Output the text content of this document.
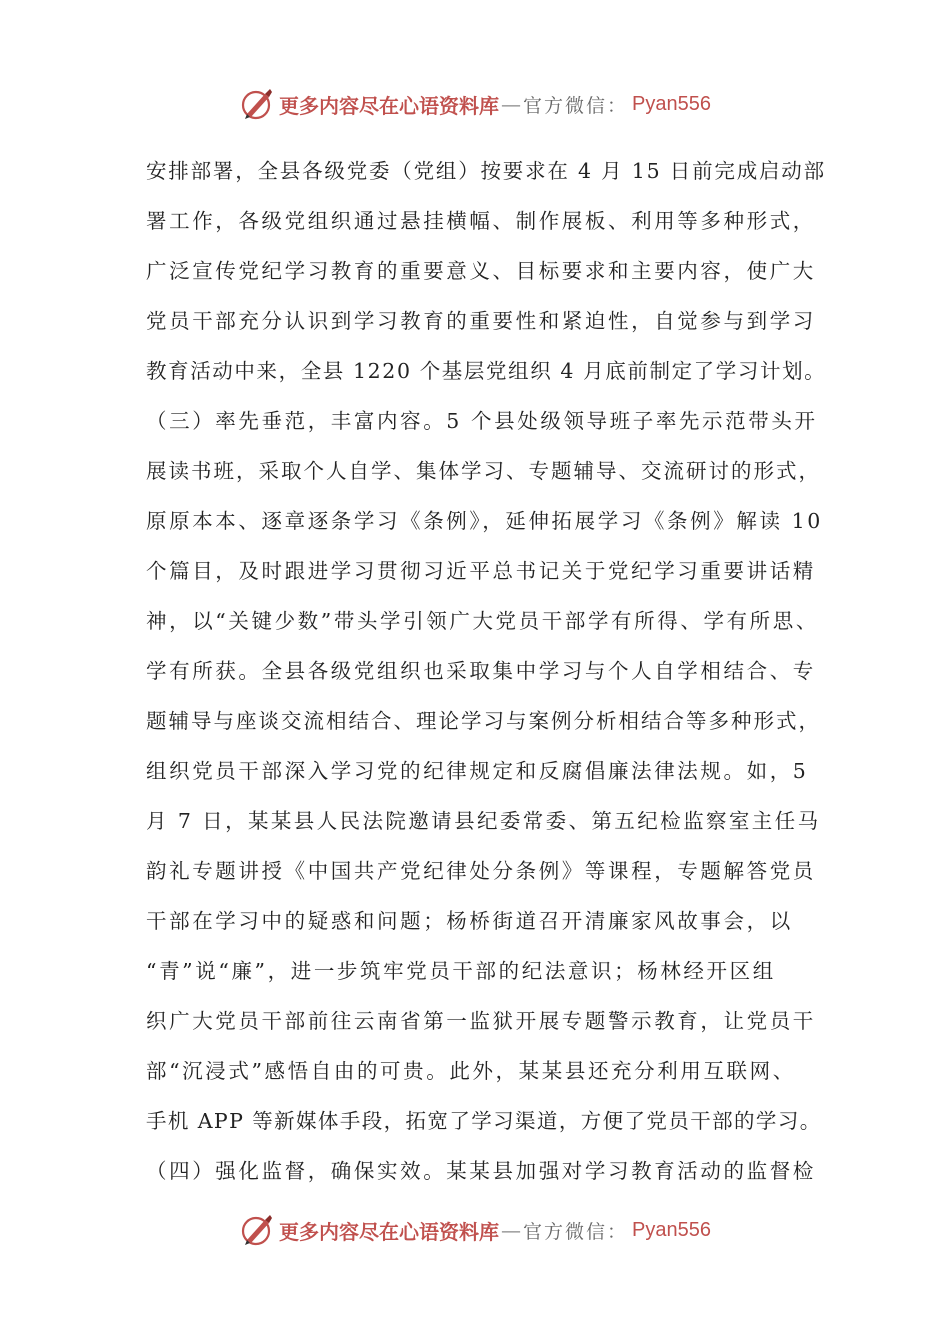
更多内容尽在心语资料库 — 官方微信： Pyan556
安排部署，全县各级党委（党组）按要求在 4 月 15 日前完成启动部
署工作，各级党组织通过悬挂横幅、制作展板、利用等多种形式，
广泛宣传党纪学习教育的重要意义、目标要求和主要内容，使广大
党员干部充分认识到学习教育的重要性和紧迫性，自觉参与到学习
教育活动中来，全县 1220 个基层党组织 4 月底前制定了学习计划。
（三）率先垂范，丰富内容。5 个县处级领导班子率先示范带头开
展读书班，采取个人自学、集体学习、专题辅导、交流研讨的形式，
原原本本、逐章逐条学习《条例》，延伸拓展学习《条例》解读 10
个篇目，及时跟进学习贯彻习近平总书记关于党纪学习重要讲话精
神，以“关键少数”带头学引领广大党员干部学有所得、学有所思、
学有所获。全县各级党组织也采取集中学习与个人自学相结合、专
题辅导与座谈交流相结合、理论学习与案例分析相结合等多种形式，
组织党员干部深入学习党的纪律规定和反腐倡廉法律法规。如，5
月 7 日，某某县人民法院邀请县纪委常委、第五纪检监察室主任马
韵礼专题讲授《中国共产党纪律处分条例》等课程，专题解答党员
干部在学习中的疑惑和问题；杨桥街道召开清廉家风故事会，以
“青”说“廉”，进一步筑牢党员干部的纪法意识；杨林经开区组
织广大党员干部前往云南省第一监狱开展专题警示教育，让党员干
部“沉浸式”感悟自由的可贵。此外，某某县还充分利用互联网、
手机 APP 等新媒体手段，拓宽了学习渠道，方便了党员干部的学习。
（四）强化监督，确保实效。某某县加强对学习教育活动的监督检
更多内容尽在心语资料库 — 官方微信： Pyan556
